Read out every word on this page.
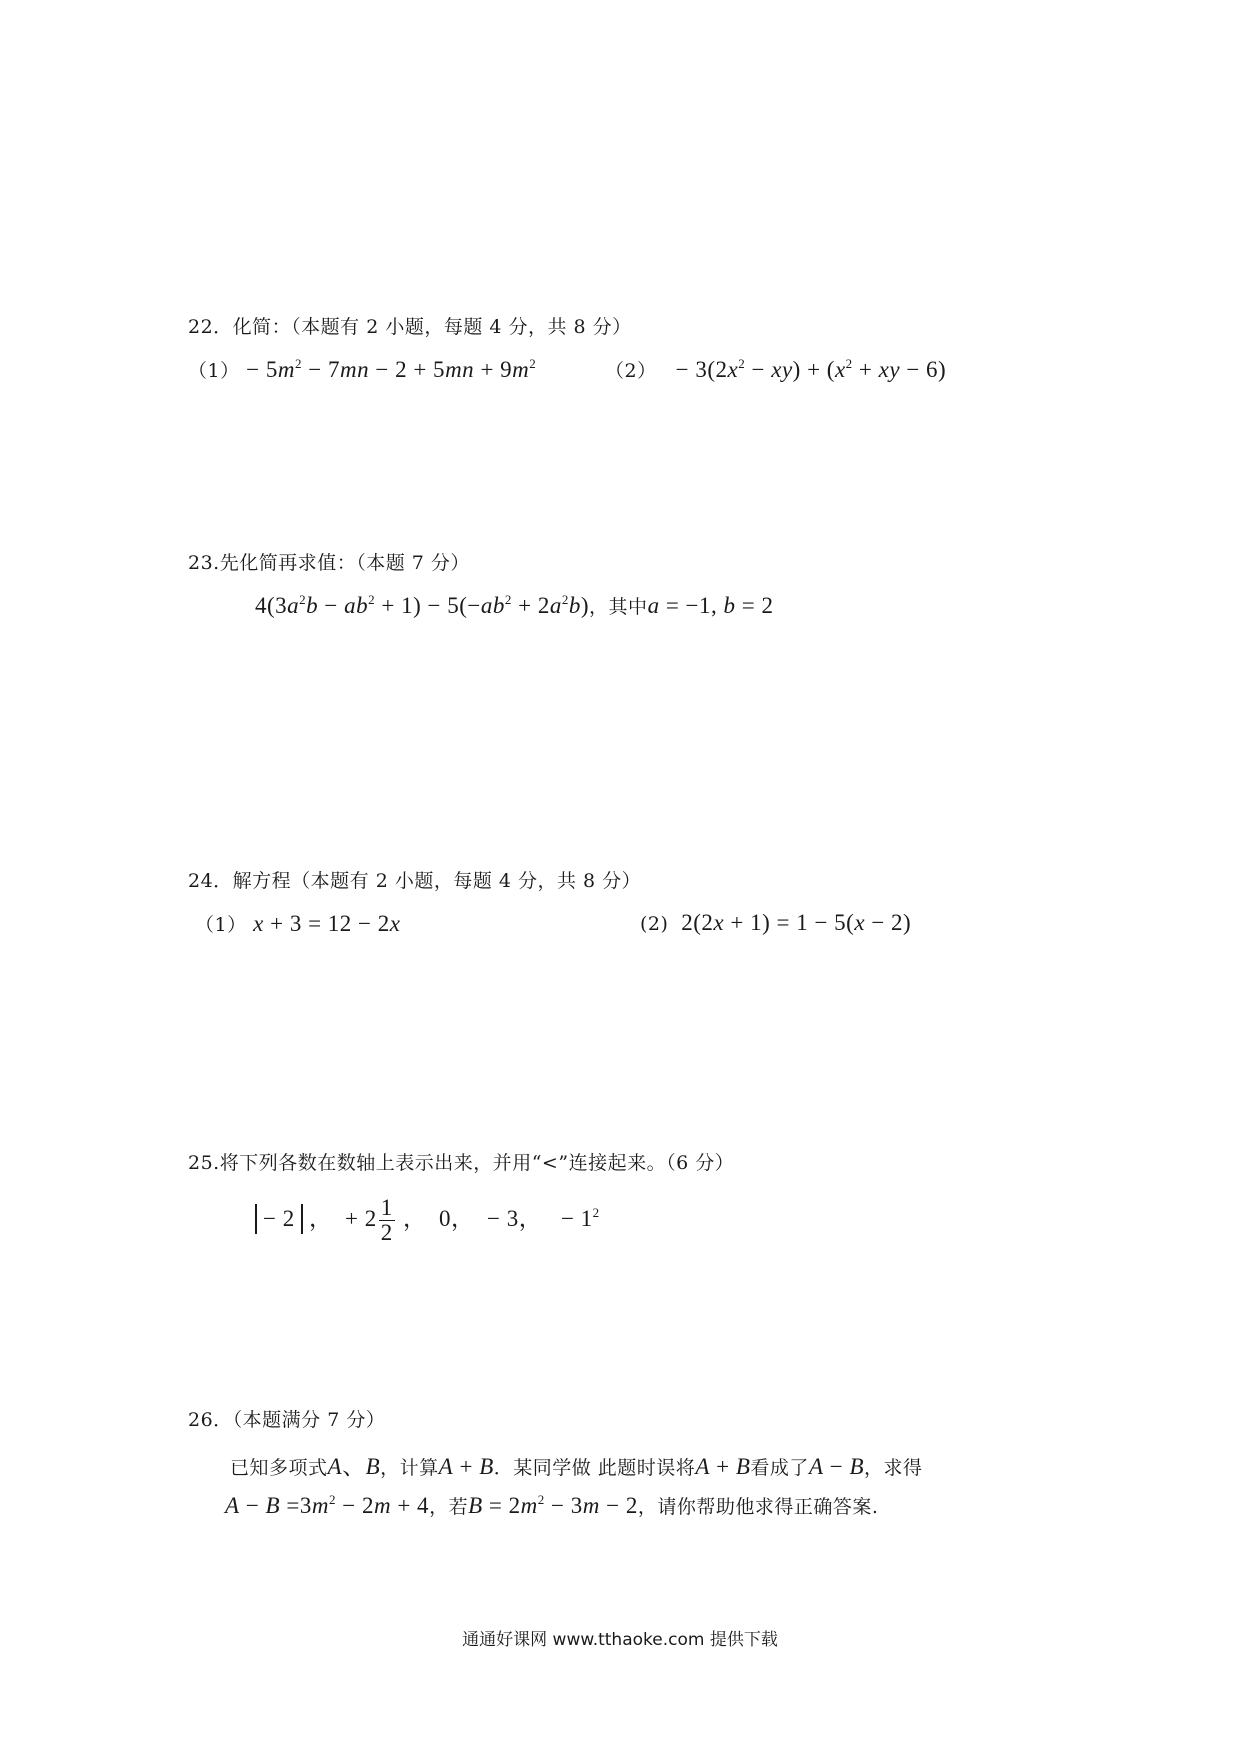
22．化简：（本题有 2 小题，每题 4 分，共 8 分）
$(1) - 5m^2 - 7mn - 2 + 5mn + 9m^2$	$(2) - 3(2x^2 - xy) + (x^2$ + xy − 6)
23.先化简再求值：（本题 7 分）
$4(3a^2b - ab^2 + 1) - 5(-ab^2 + 2a^2b)$，其中a = −1, b = 2
24．解方程（本题有 2 小题，每题 4 分，共 8 分）
（1） x + 3 = 12 − 2x	(2)  2(2x + 1) = 1 − 5(x − 2)
25.将下列各数在数轴上表示出来，并用“<”连接起来。（6 分）
− 2 ，  + $2 \frac{1}{2}$ ，  0，  − 3，   − $1^2$
26．（本题满分 7 分）
已知多项式A、B，计算A + B．某同学做 此题时误将A + B看成了A − B，求得
$A - B =3m^2 - 2m + 4$，若$B = 2m^2 - 3m - 2$，请你帮助他求得正确答案.
通通好课网 www.tthaoke.com 提供下载
